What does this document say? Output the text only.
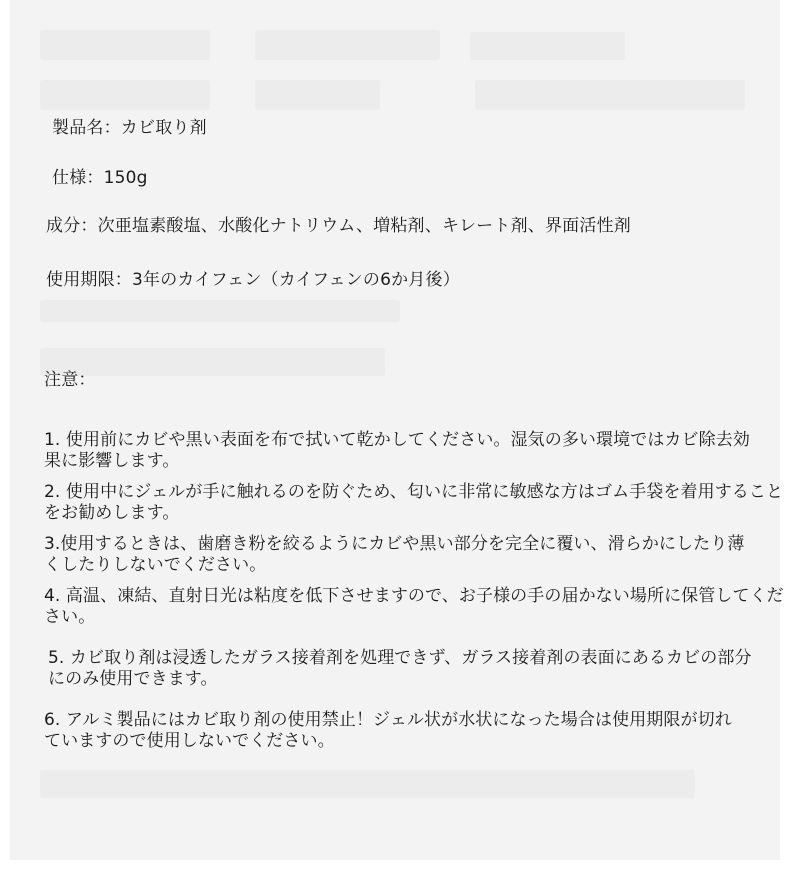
製品名：カビ取り剤

仕様：150g

成分：次亜塩素酸塩、水酸化ナトリウム、増粘剤、キレート剤、界面活性剤

使用期限：3年のカイフェン（カイフェンの6か月後）

注意：

1. 使用前にカビや黒い表面を布で拭いて乾かしてください。湿気の多い環境ではカビ除去効果に影響します。

2. 使用中にジェルが手に触れるのを防ぐため、匂いに非常に敏感な方はゴム手袋を着用することをお勧めします。

3.使用するときは、歯磨き粉を絞るようにカビや黒い部分を完全に覆い、滑らかにしたり薄くしたりしないでください。

4. 高温、凍結、直射日光は粘度を低下させますので、お子様の手の届かない場所に保管してください。

5. カビ取り剤は浸透したガラス接着剤を処理できず、ガラス接着剤の表面にあるカビの部分にのみ使用できます。

6. アルミ製品にはカビ取り剤の使用禁止！ジェル状が水状になった場合は使用期限が切れていますので使用しないでください。
